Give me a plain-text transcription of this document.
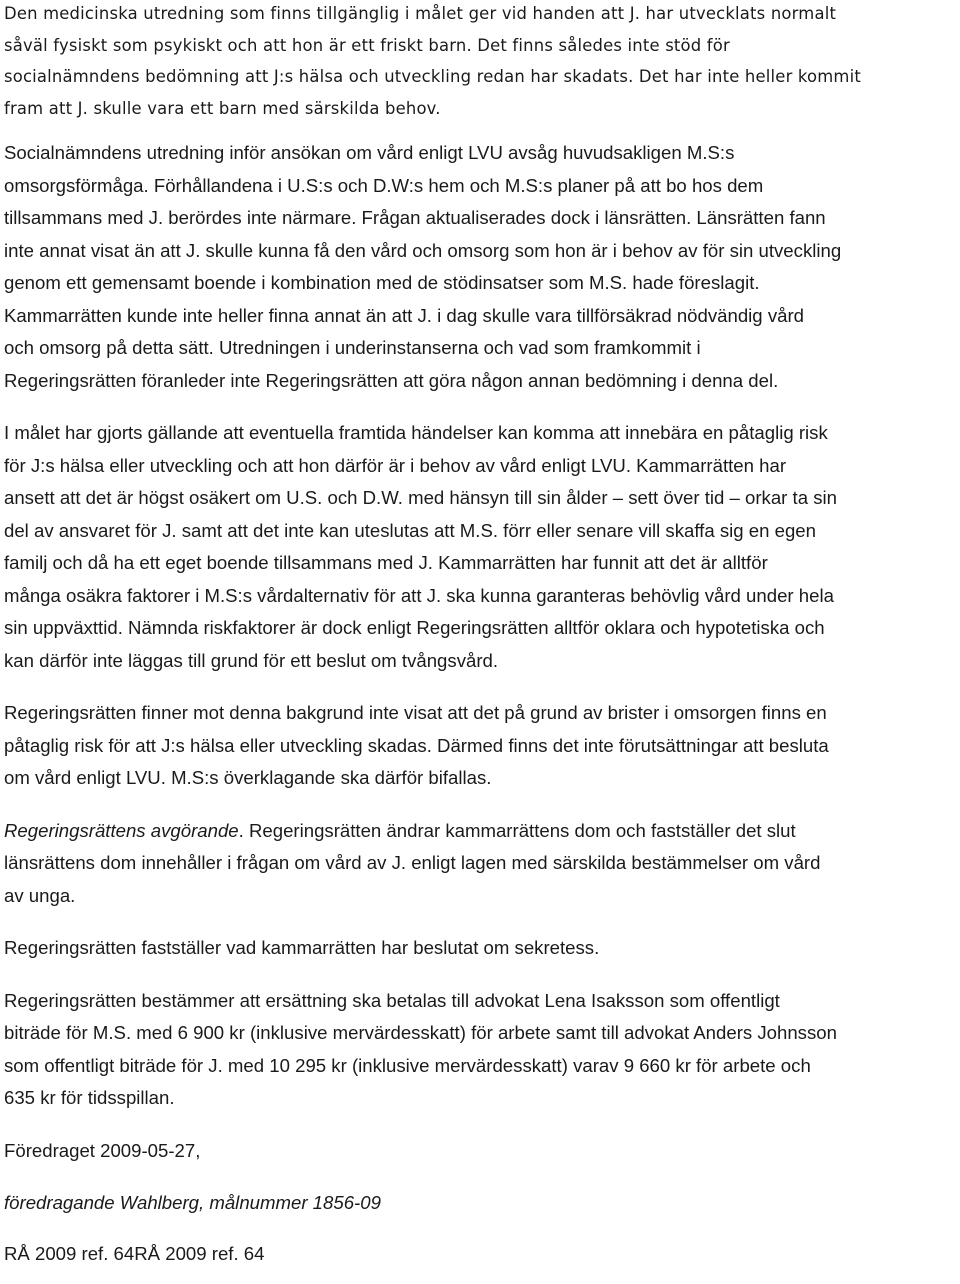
Den medicinska utredning som finns tillgänglig i målet ger vid handen att J. har utvecklats normalt
såväl fysiskt som psykiskt och att hon är ett friskt barn. Det finns således inte stöd för
socialnämndens bedömning att J:s hälsa och utveckling redan har skadats. Det har inte heller kommit
fram att J. skulle vara ett barn med särskilda behov.
Socialnämndens utredning inför ansökan om vård enligt LVU avsåg huvudsakligen M.S:s
omsorgsförmåga. Förhållandena i U.S:s och D.W:s hem och M.S:s planer på att bo hos dem
tillsammans med J. berördes inte närmare. Frågan aktualiserades dock i länsrätten. Länsrätten fann
inte annat visat än att J. skulle kunna få den vård och omsorg som hon är i behov av för sin utveckling
genom ett gemensamt boende i kombination med de stödinsatser som M.S. hade föreslagit.
Kammarrätten kunde inte heller finna annat än att J. i dag skulle vara tillförsäkrad nödvändig vård
och omsorg på detta sätt. Utredningen i underinstanserna och vad som framkommit i
Regeringsrätten föranleder inte Regeringsrätten att göra någon annan bedömning i denna del.
I målet har gjorts gällande att eventuella framtida händelser kan komma att innebära en påtaglig risk
för J:s hälsa eller utveckling och att hon därför är i behov av vård enligt LVU. Kammarrätten har
ansett att det är högst osäkert om U.S. och D.W. med hänsyn till sin ålder – sett över tid – orkar ta sin
del av ansvaret för J. samt att det inte kan uteslutas att M.S. förr eller senare vill skaffa sig en egen
familj och då ha ett eget boende tillsammans med J. Kammarrätten har funnit att det är alltför
många osäkra faktorer i M.S:s vårdalternativ för att J. ska kunna garanteras behövlig vård under hela
sin uppväxttid. Nämnda riskfaktorer är dock enligt Regeringsrätten alltför oklara och hypotetiska och
kan därför inte läggas till grund för ett beslut om tvångsvård.
Regeringsrätten finner mot denna bakgrund inte visat att det på grund av brister i omsorgen finns en
påtaglig risk för att J:s hälsa eller utveckling skadas. Därmed finns det inte förutsättningar att besluta
om vård enligt LVU. M.S:s överklagande ska därför bifallas.
Regeringsrättens avgörande. Regeringsrätten ändrar kammarrättens dom och fastställer det slut
länsrättens dom innehåller i frågan om vård av J. enligt lagen med särskilda bestämmelser om vård
av unga.
Regeringsrätten fastställer vad kammarrätten har beslutat om sekretess.
Regeringsrätten bestämmer att ersättning ska betalas till advokat Lena Isaksson som offentligt
biträde för M.S. med 6 900 kr (inklusive mervärdesskatt) för arbete samt till advokat Anders Johnsson
som offentligt biträde för J. med 10 295 kr (inklusive mervärdesskatt) varav 9 660 kr för arbete och
635 kr för tidsspillan.
Föredraget 2009-05-27,
föredragande Wahlberg, målnummer 1856-09
RÅ 2009 ref. 64RÅ 2009 ref. 64
